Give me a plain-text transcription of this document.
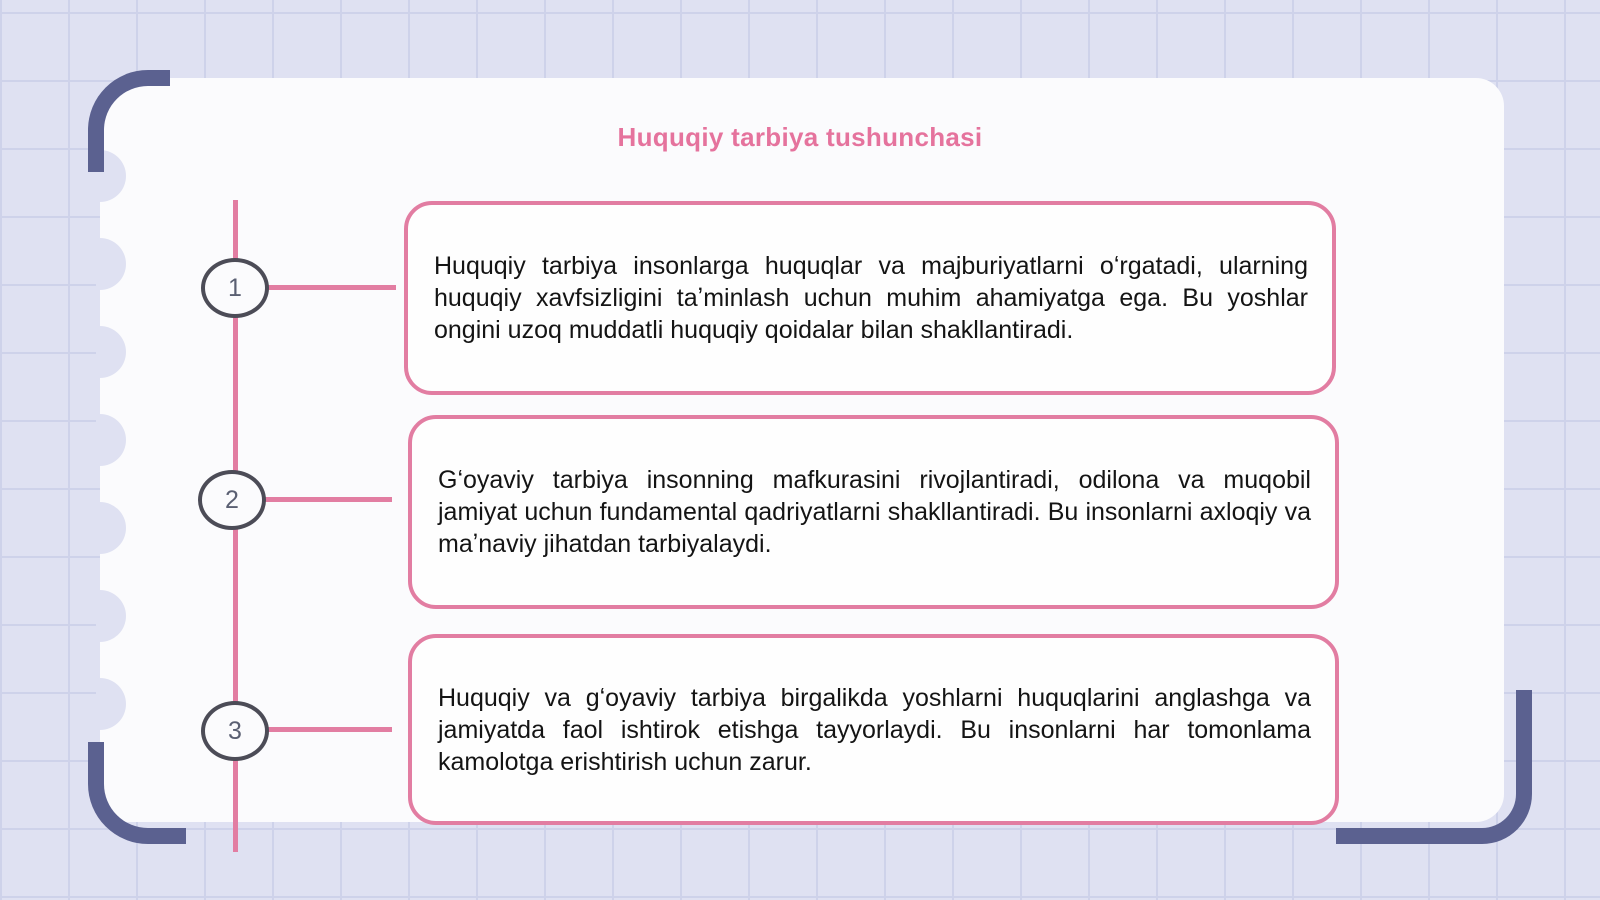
Huquqiy tarbiya tushunchasi
1
Huquqiy tarbiya insonlarga huquqlar va majburiyatlarni oʻrgatadi, ularning huquqiy xavfsizligini taʼminlash uchun muhim ahamiyatga ega. Bu yoshlar ongini uzoq muddatli huquqiy qoidalar bilan shakllantiradi.
2
Gʻoyaviy tarbiya insonning mafkurasini rivojlantiradi, odilona va muqobil jamiyat uchun fundamental qadriyatlarni shakllantiradi. Bu insonlarni axloqiy va maʼnaviy jihatdan tarbiyalaydi.
3
Huquqiy va gʻoyaviy tarbiya birgalikda yoshlarni huquqlarini anglashga va jamiyatda faol ishtirok etishga tayyorlaydi. Bu insonlarni har tomonlama kamolotga erishtirish uchun zarur.
